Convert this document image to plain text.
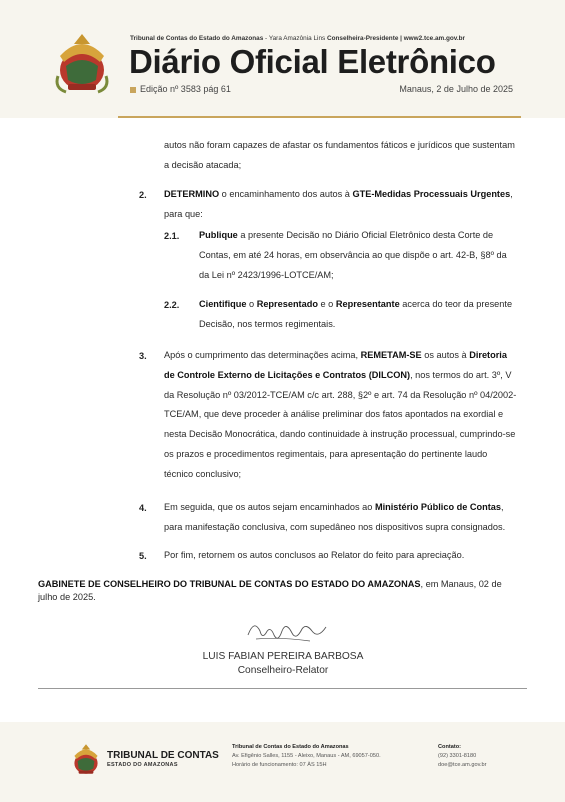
Tribunal de Contas do Estado do Amazonas - Yara Amazônia Lins Conselheira-Presidente | www2.tce.am.gov.br
Diário Oficial Eletrônico
Edição nº 3583 pág 61	Manaus, 2 de Julho de 2025
autos não foram capazes de afastar os fundamentos fáticos e jurídicos que sustentam
a decisão atacada;
2. DETERMINO o encaminhamento dos autos à GTE-Medidas Processuais Urgentes,
para que:
2.1. Publique a presente Decisão no Diário Oficial Eletrônico desta Corte de
Contas, em até 24 horas, em observância ao que dispõe o art. 42-B, §8º da
da Lei nº 2423/1996-LOTCE/AM;
2.2. Cientifique o Representado e o Representante acerca do teor da presente
Decisão, nos termos regimentais.
3. Após o cumprimento das determinações acima, REMETAM-SE os autos à Diretoria
de Controle Externo de Licitações e Contratos (DILCON), nos termos do art. 3º, V
da Resolução nº 03/2012-TCE/AM c/c art. 288, §2º e art. 74 da Resolução nº 04/2002-
TCE/AM, que deve proceder à análise preliminar dos fatos apontados na exordial e
nesta Decisão Monocrática, dando continuidade à instrução processual, cumprindo-se
os prazos e procedimentos regimentais, para apresentação do pertinente laudo
técnico conclusivo;
4. Em seguida, que os autos sejam encaminhados ao Ministério Público de Contas,
para manifestação conclusiva, com supedâneo nos dispositivos supra consignados.
5. Por fim, retornem os autos conclusos ao Relator do feito para apreciação.
GABINETE DE CONSELHEIRO DO TRIBUNAL DE CONTAS DO ESTADO DO AMAZONAS, em Manaus, 02 de
julho de 2025.
LUIS FABIAN PEREIRA BARBOSA
Conselheiro-Relator
TRIBUNAL DE CONTAS
ESTADO DO AMAZONAS
Tribunal de Contas do Estado do Amazonas
Av. Efigênio Salles, 1155 - Aleixo, Manaus - AM, 69057-050.
Horário de funcionamento: 07 ÀS 15H
Contato:
(92) 3301-8180
doe@tce.am.gov.br
